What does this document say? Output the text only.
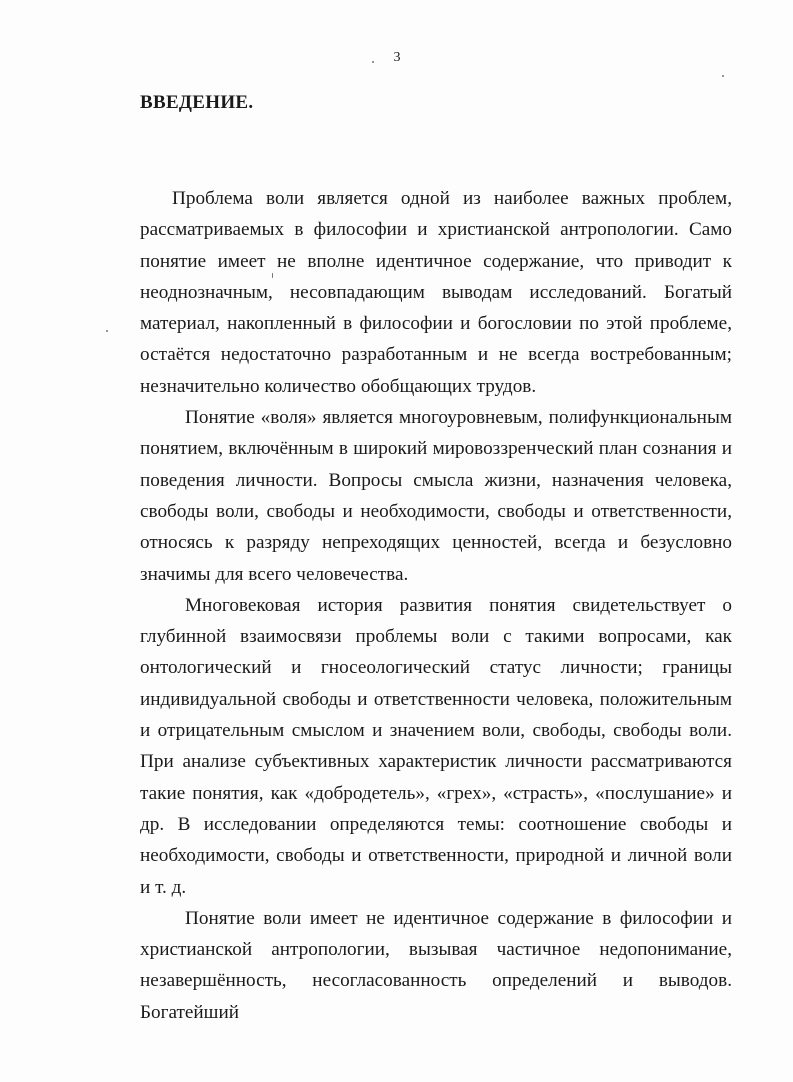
3
ВВЕДЕНИЕ.

Проблема воли является одной из наиболее важных проблем, рассматриваемых в философии и христианской антропологии. Само понятие имеет не вполне идентичное содержание, что приводит к неоднозначным, несовпадающим выводам исследований. Богатый материал, накопленный в философии и богословии по этой проблеме, остаётся недостаточно разработанным и не всегда востребованным; незначительно количество обобщающих трудов.

Понятие «воля» является многоуровневым, полифункциональным понятием, включённым в широкий мировоззренческий план сознания и поведения личности. Вопросы смысла жизни, назначения человека, свободы воли, свободы и необходимости, свободы и ответственности, относясь к разряду непреходящих ценностей, всегда и безусловно значимы для всего человечества.

Многовековая история развития понятия свидетельствует о глубинной взаимосвязи проблемы воли с такими вопросами, как онтологический и гносеологический статус личности; границы индивидуальной свободы и ответственности человека, положительным и отрицательным смыслом и значением воли, свободы, свободы воли. При анализе субъективных характеристик личности рассматриваются такие понятия, как «добродетель», «грех», «страсть», «послушание» и др. В исследовании определяются темы: соотношение свободы и необходимости, свободы и ответственности, природной и личной воли и т. д.

Понятие воли имеет не идентичное содержание в философии и христианской антропологии, вызывая частичное недопонимание, незавершённость, несогласованность определений и выводов. Богатейший
